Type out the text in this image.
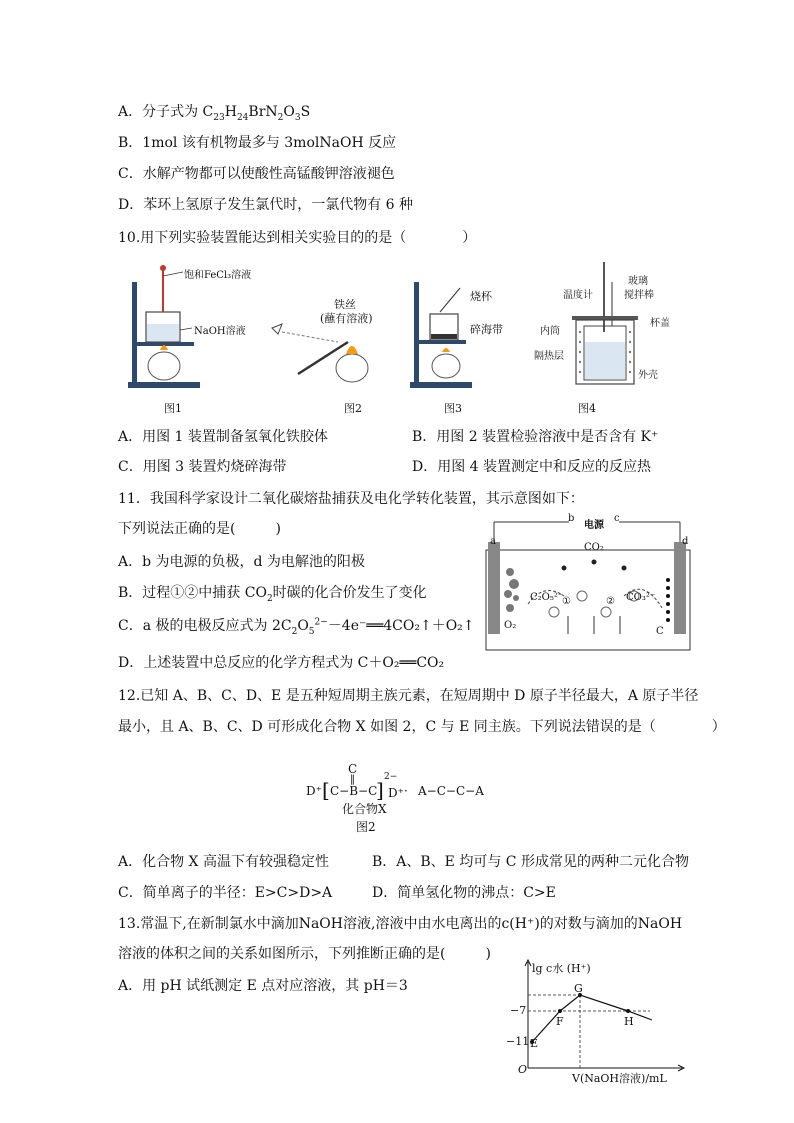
A．分子式为 $C_{23}H_{24}BrN_2O_3S$
B．1mol 该有机物最多与 3molNaOH 反应
C．水解产物都可以使酸性高锰酸钾溶液褪色
D．苯环上氢原子发生氯代时，一氯代物有 6 种
10.用下列实验装置能达到相关实验目的的是（	）
饱和FeCl₃溶液
NaOH溶液
图1
铁丝
(蘸有溶液)
图2
烧杯
碎海带
图3
温度计
玻璃
搅拌棒
杯盖
内筒
隔热层
外壳
图4
A．用图 1 装置制备氢氧化铁胶体	B．用图 2 装置检验溶液中是否含有 K⁺
C．用图 3 装置灼烧碎海带	D．用图 4 装置测定中和反应的反应热
11．我国科学家设计二氧化碳熔盐捕获及电化学转化装置，其示意图如下：
下列说法正确的是(	)
A．b 为电源的负极，d 为电解池的阳极
B．过程①②中捕获 $CO_2$时碳的化合价发生了变化
C．a 极的电极反应式为 $2C_2O_5^{2-}-4e^-══4CO_2↑+O_2↑$
D．上述装置中总反应的化学方程式为 C＋O₂══CO₂
b	c
电源
a	d
CO₂
C₂O₅²⁻	CO₃²⁻
O₂
C
①	②
12.已知 A、B、C、D、E 是五种短周期主族元素，在短周期中 D 原子半径最大，A 原子半径
最小，且 A、B、C、D 可形成化合物 X 如图 2，C 与 E 同主族。下列说法错误的是（	）
C
‖
D⁺ [ C−B−C
]
2−
D⁺ · A−C−C−A
化合物X
图2
A．化合物 X 高温下有较强稳定性	B．A、B、E 均可与 C 形成常见的两种二元化合物
C．简单离子的半径：E>C>D>A	D．简单氢化物的沸点：C>E
13.常温下,在新制氯水中滴加NaOH溶液,溶液中由水电离出的c(H⁺)的对数与滴加的NaOH
溶液的体积之间的关系如图所示，下列推断正确的是(	)
A．用 pH 试纸测定 E 点对应溶液，其 pH＝3
lg c水 (H⁺)
V(NaOH溶液)/mL
O
−7
−11 E
F
G
H
